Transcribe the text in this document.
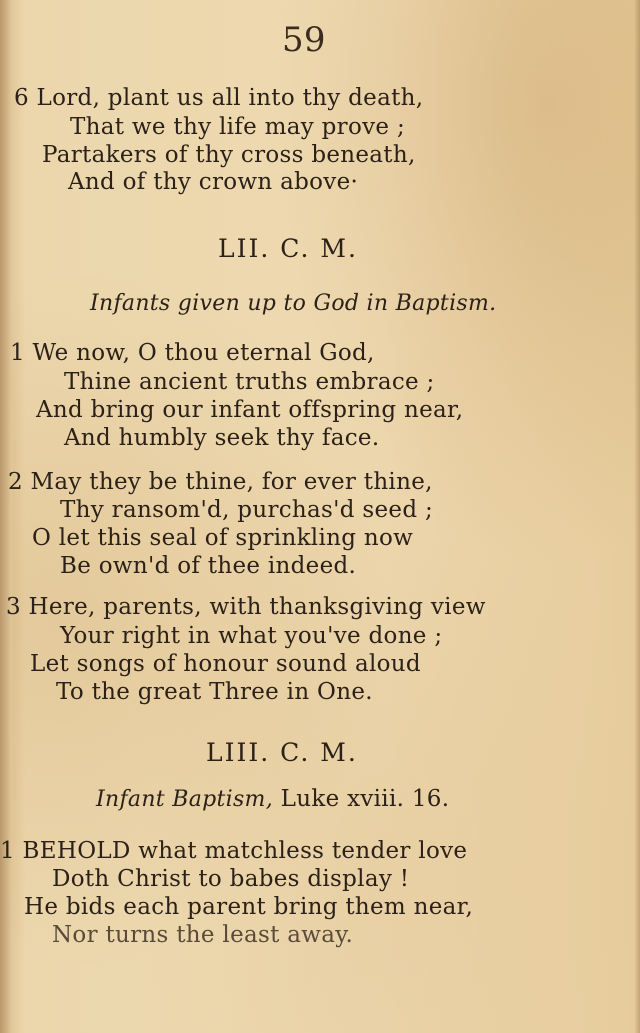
59
6 Lord, plant us all into thy death,
That we thy life may prove ;
Partakers of thy cross beneath,
And of thy crown above·
LII. C. M.
Infants given up to God in Baptism.
1 We now, O thou eternal God,
Thine ancient truths embrace ;
And bring our infant offspring near,
And humbly seek thy face.
2 May they be thine, for ever thine,
Thy ransom'd, purchas'd seed ;
O let this seal of sprinkling now
Be own'd of thee indeed.
3 Here, parents, with thanksgiving view
Your right in what you've done ;
Let songs of honour sound aloud
To the great Three in One.
LIII. C. M.
Infant Baptism, Luke xviii. 16.
1 BEHOLD what matchless tender love
Doth Christ to babes display !
He bids each parent bring them near,
Nor turns the least away.
